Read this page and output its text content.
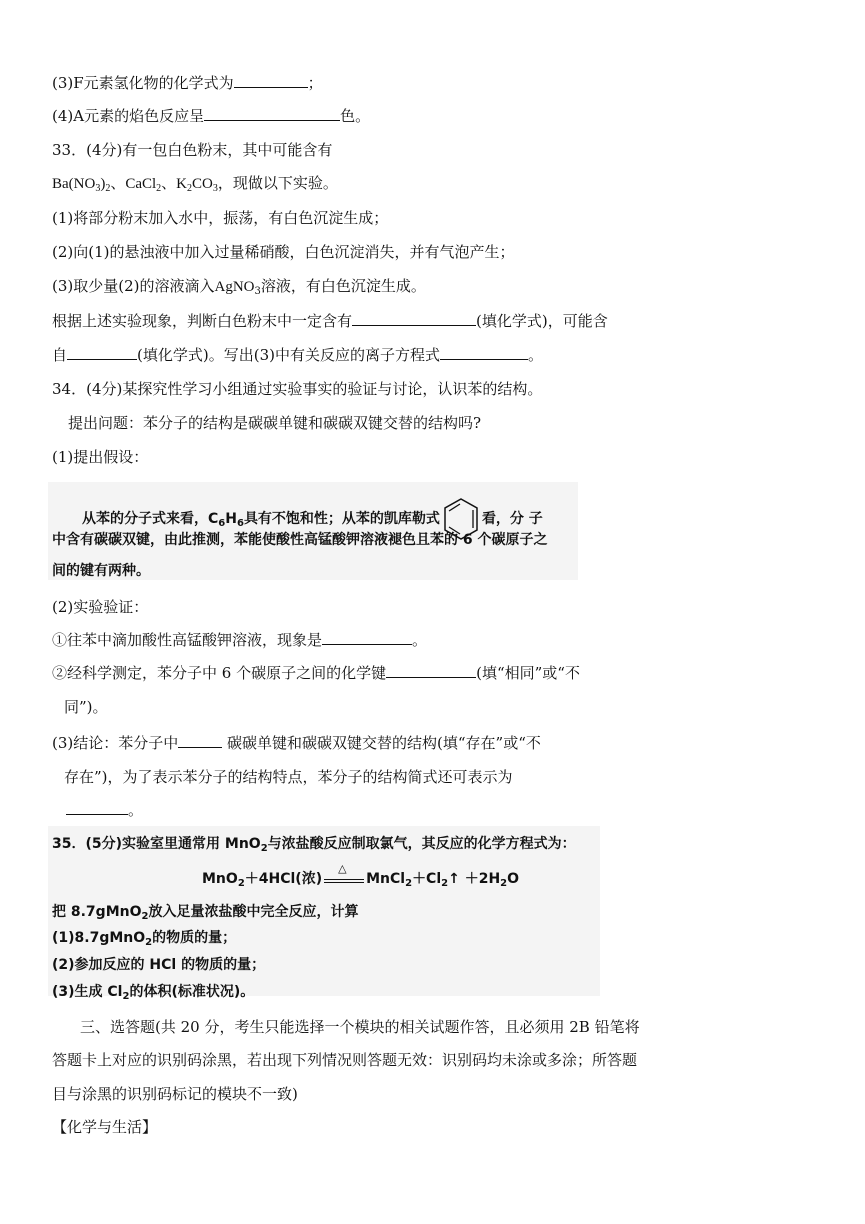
(3)F元素氢化物的化学式为	；
(4)A元素的焰色反应呈	色。
33．(4分)有一包白色粉末，其中可能含有
$Ba(NO_3)_2$、CaCl$_2$、$K_2CO_3$，现做以下实验。
(1)将部分粉末加入水中，振荡，有白色沉淀生成；
(2)向(1)的悬浊液中加入过量稀硝酸，白色沉淀消失，并有气泡产生；
(3)取少量(2)的溶液滴入AgNO$_3$溶液，有白色沉淀生成。
根据上述实验现象，判断白色粉末中一定含有	(填化学式)，可能含
自	(填化学式)。写出(3)中有关反应的离子方程式	。
34．(4分)某探究性学习小组通过实验事实的验证与讨论，认识苯的结构。
提出问题：苯分子的结构是碳碳单键和碳碳双键交替的结构吗?
(1)提出假设：
从苯的分子式来看，$C_6H_6$具有不饱和性；从苯的凯库勒式	看，分 子
中含有碳碳双键，由此推测，苯能使酸性高锰酸钾溶液褪色且苯的 6 个碳原子之
间的键有两种。
(2)实验验证：
①往苯中滴加酸性高锰酸钾溶液，现象是	。
②经科学测定，苯分子中 6 个碳原子之间的化学键	(填“相同”或“不
同”)。
(3)结论：苯分子中	碳碳单键和碳碳双键交替的结构(填“存在”或“不
存在”)，为了表示苯分子的结构特点，苯分子的结构简式还可表示为
。
35．(5分)实验室里通常用 MnO$_2$与浓盐酸反应制取氯气，其反应的化学方程式为：
MnO$_2$＋4HCl(浓)
△
$MnCl_2+Cl_2↑ +2H_2O$
把 8.7gMnO$_2$放入足量浓盐酸中完全反应，计算
(1)8.7gMnO$_2$的物质的量；
(2)参加反应的 HCl 的物质的量；
(3)生成 $Cl_2$的体积(标准状况)。
三、选答题(共 20 分，考生只能选择一个模块的相关试题作答，且必须用 2B 铅笔将
答题卡上对应的识别码涂黑，若出现下列情况则答题无效：识别码均未涂或多涂；所答题
目与涂黑的识别码标记的模块不一致)
【化学与生活】
